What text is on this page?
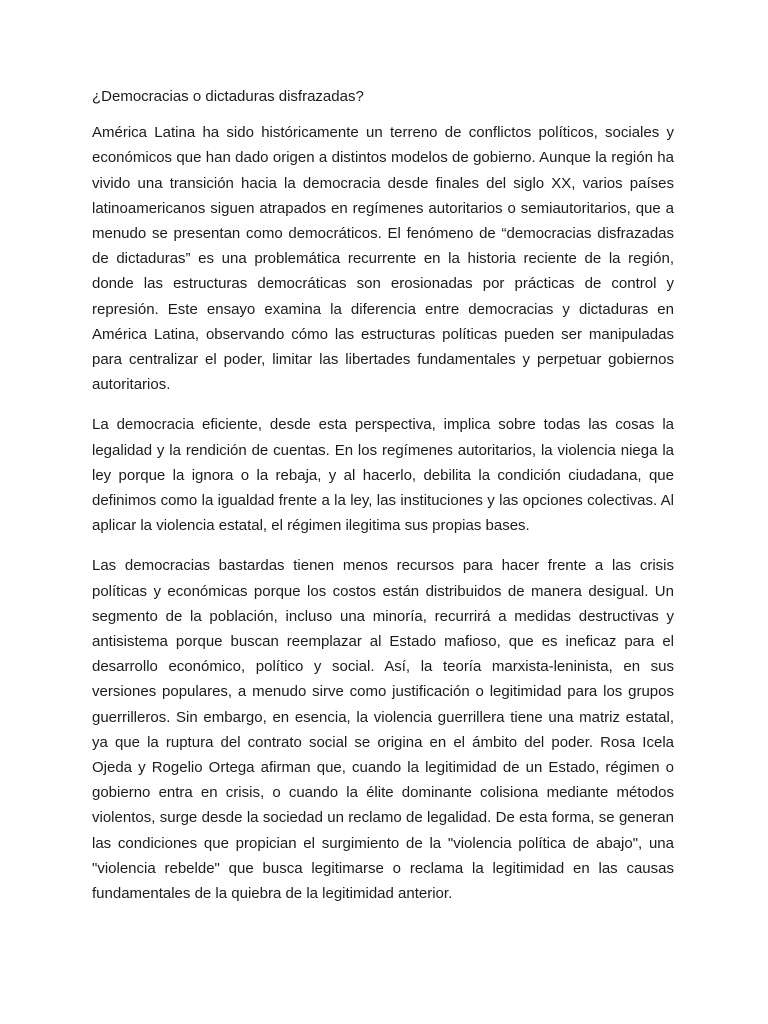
¿Democracias o dictaduras disfrazadas?

América Latina ha sido históricamente un terreno de conflictos políticos, sociales y económicos que han dado origen a distintos modelos de gobierno. Aunque la región ha vivido una transición hacia la democracia desde finales del siglo XX, varios países latinoamericanos siguen atrapados en regímenes autoritarios o semiautoritarios, que a menudo se presentan como democráticos. El fenómeno de “democracias disfrazadas de dictaduras” es una problemática recurrente en la historia reciente de la región, donde las estructuras democráticas son erosionadas por prácticas de control y represión. Este ensayo examina la diferencia entre democracias y dictaduras en América Latina, observando cómo las estructuras políticas pueden ser manipuladas para centralizar el poder, limitar las libertades fundamentales y perpetuar gobiernos autoritarios.

La democracia eficiente, desde esta perspectiva, implica sobre todas las cosas la legalidad y la rendición de cuentas. En los regímenes autoritarios, la violencia niega la ley porque la ignora o la rebaja, y al hacerlo, debilita la condición ciudadana, que definimos como la igualdad frente a la ley, las instituciones y las opciones colectivas. Al aplicar la violencia estatal, el régimen ilegitima sus propias bases.

Las democracias bastardas tienen menos recursos para hacer frente a las crisis políticas y económicas porque los costos están distribuidos de manera desigual. Un segmento de la población, incluso una minoría, recurrirá a medidas destructivas y antisistema porque buscan reemplazar al Estado mafioso, que es ineficaz para el desarrollo económico, político y social. Así, la teoría marxista-leninista, en sus versiones populares, a menudo sirve como justificación o legitimidad para los grupos guerrilleros. Sin embargo, en esencia, la violencia guerrillera tiene una matriz estatal, ya que la ruptura del contrato social se origina en el ámbito del poder. Rosa Icela Ojeda y Rogelio Ortega afirman que, cuando la legitimidad de un Estado, régimen o gobierno entra en crisis, o cuando la élite dominante colisiona mediante métodos violentos, surge desde la sociedad un reclamo de legalidad. De esta forma, se generan las condiciones que propician el surgimiento de la "violencia política de abajo", una "violencia rebelde" que busca legitimarse o reclama la legitimidad en las causas fundamentales de la quiebra de la legitimidad anterior.
